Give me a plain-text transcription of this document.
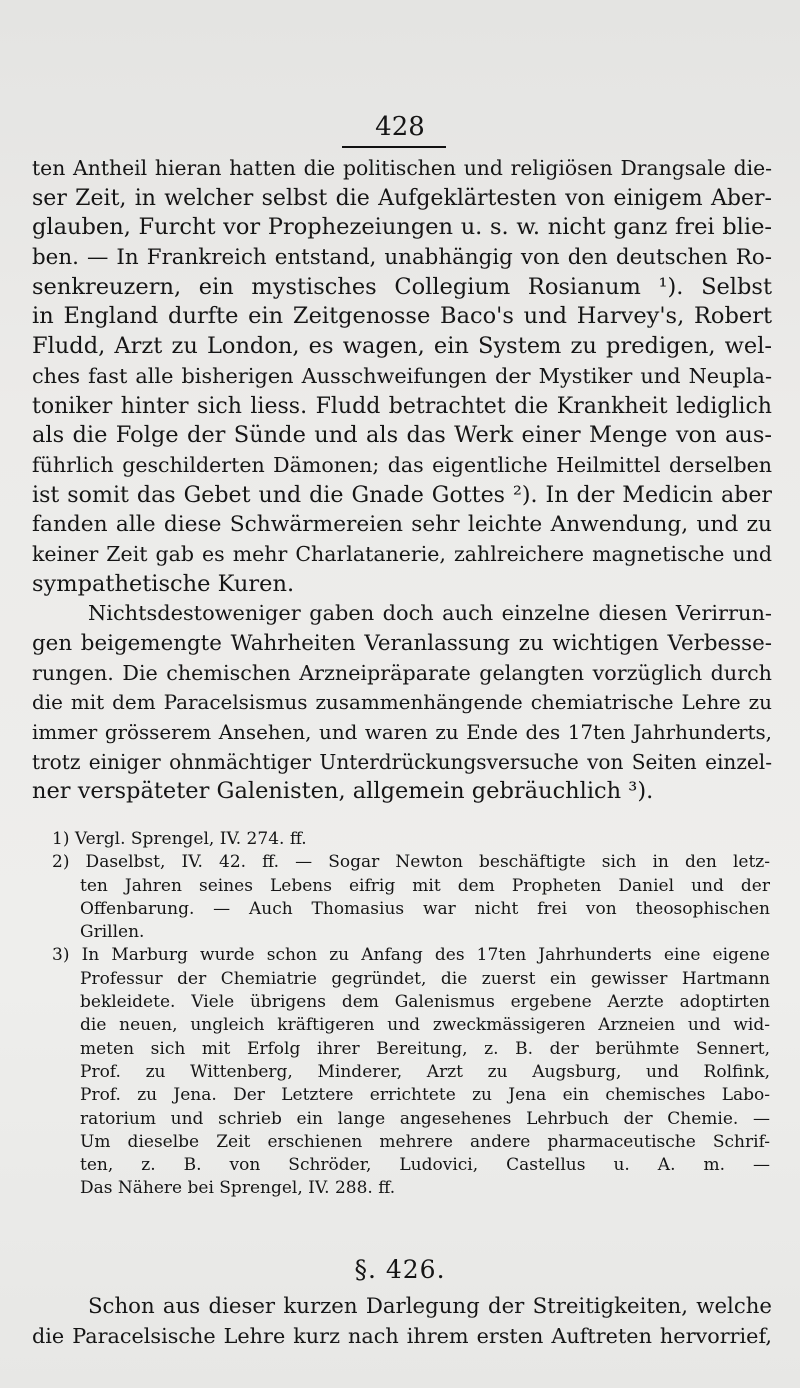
428
ten Antheil hieran hatten die politischen und religiösen Drangsale die-
ser Zeit, in welcher selbst die Aufgeklärtesten von einigem Aber-
glauben, Furcht vor Prophezeiungen u. s. w. nicht ganz frei blie-
ben. — In Frankreich entstand, unabhängig von den deutschen Ro-
senkreuzern, ein mystisches Collegium Rosianum ¹). Selbst
in England durfte ein Zeitgenosse Baco's und Harvey's, Robert
Fludd, Arzt zu London, es wagen, ein System zu predigen, wel-
ches fast alle bisherigen Ausschweifungen der Mystiker und Neupla-
toniker hinter sich liess. Fludd betrachtet die Krankheit lediglich
als die Folge der Sünde und als das Werk einer Menge von aus-
führlich geschilderten Dämonen; das eigentliche Heilmittel derselben
ist somit das Gebet und die Gnade Gottes ²). In der Medicin aber
fanden alle diese Schwärmereien sehr leichte Anwendung, und zu
keiner Zeit gab es mehr Charlatanerie, zahlreichere magnetische und
sympathetische Kuren.
Nichtsdestoweniger gaben doch auch einzelne diesen Verirrun-
gen beigemengte Wahrheiten Veranlassung zu wichtigen Verbesse-
rungen. Die chemischen Arzneipräparate gelangten vorzüglich durch
die mit dem Paracelsismus zusammenhängende chemiatrische Lehre zu
immer grösserem Ansehen, und waren zu Ende des 17ten Jahrhunderts,
trotz einiger ohnmächtiger Unterdrückungsversuche von Seiten einzel-
ner verspäteter Galenisten, allgemein gebräuchlich ³).
1) Vergl. Sprengel, IV. 274. ff.
2) Daselbst, IV. 42. ff. — Sogar Newton beschäftigte sich in den letz-
ten Jahren seines Lebens eifrig mit dem Propheten Daniel und der
Offenbarung. — Auch Thomasius war nicht frei von theosophischen
Grillen.
3) In Marburg wurde schon zu Anfang des 17ten Jahrhunderts eine eigene
Professur der Chemiatrie gegründet, die zuerst ein gewisser Hartmann
bekleidete. Viele übrigens dem Galenismus ergebene Aerzte adoptirten
die neuen, ungleich kräftigeren und zweckmässigeren Arzneien und wid-
meten sich mit Erfolg ihrer Bereitung, z. B. der berühmte Sennert,
Prof. zu Wittenberg, Minderer, Arzt zu Augsburg, und Rolfink,
Prof. zu Jena. Der Letztere errichtete zu Jena ein chemisches Labo-
ratorium und schrieb ein lange angesehenes Lehrbuch der Chemie. —
Um dieselbe Zeit erschienen mehrere andere pharmaceutische Schrif-
ten, z. B. von Schröder, Ludovici, Castellus u. A. m. —
Das Nähere bei Sprengel, IV. 288. ff.
§. 426.
Schon aus dieser kurzen Darlegung der Streitigkeiten, welche
die Paracelsische Lehre kurz nach ihrem ersten Auftreten hervorrief,
